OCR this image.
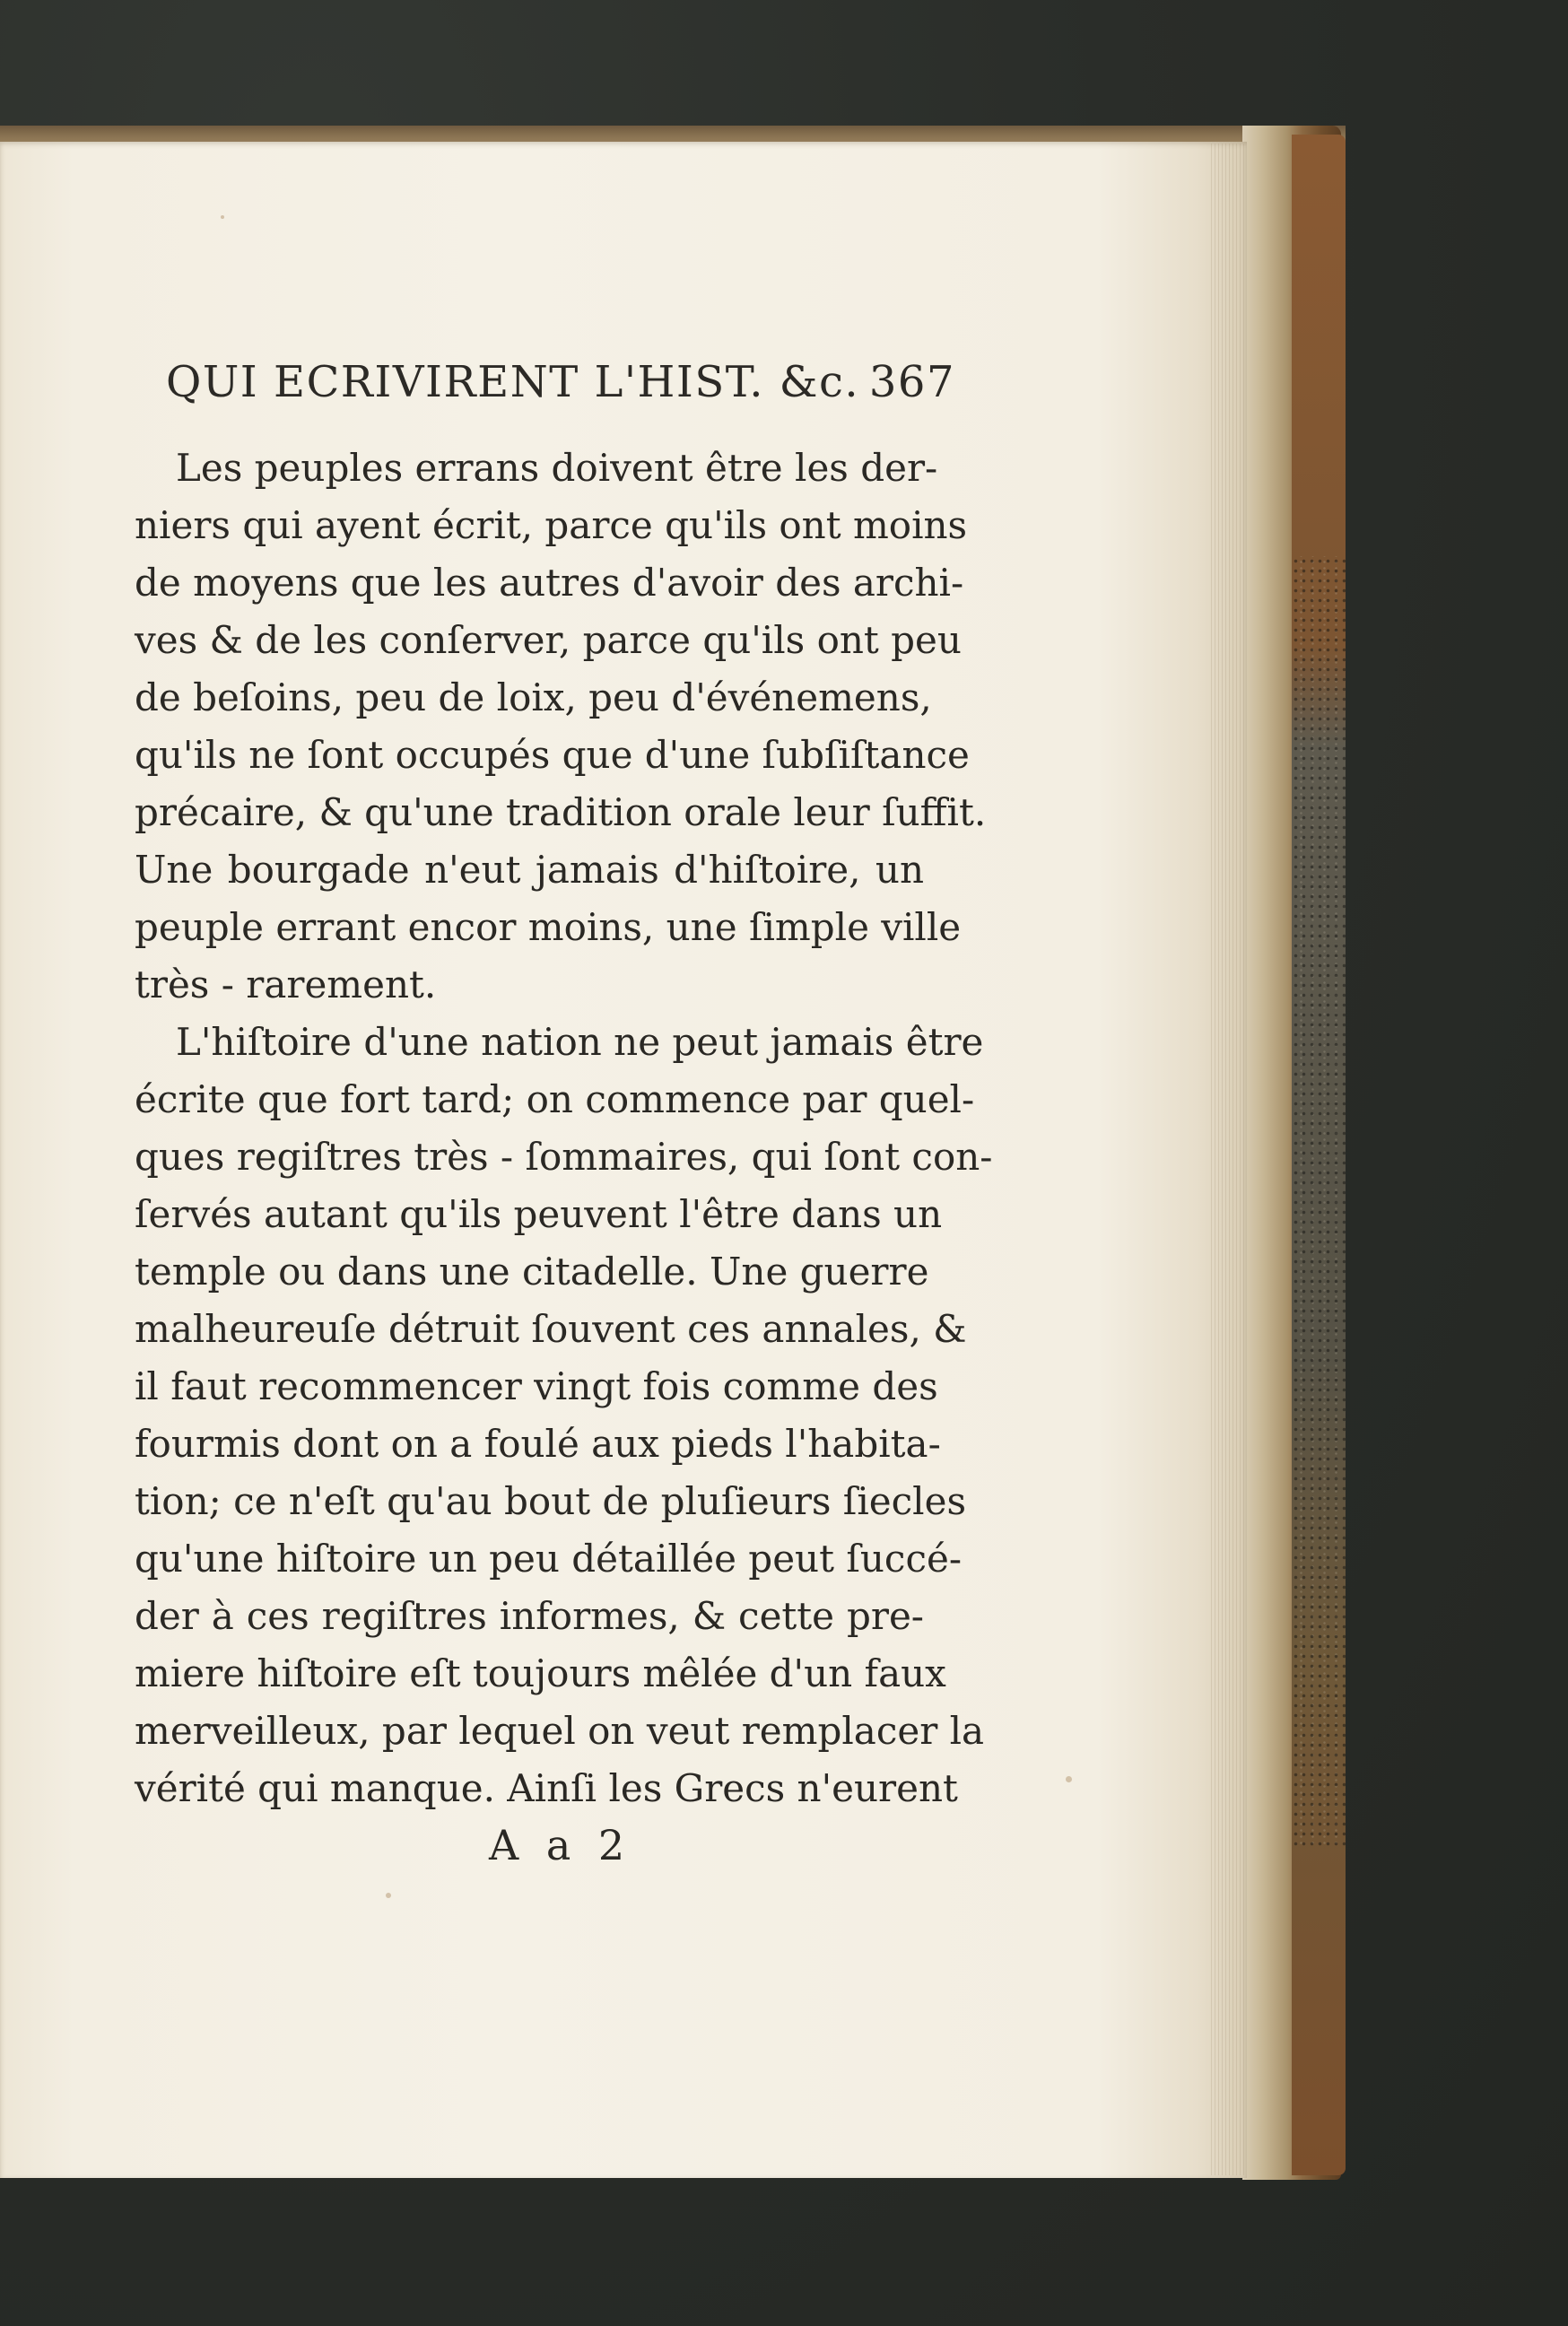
QUI ECRIVIRENT L'HIST. &c. 367
Les peuples errans doivent être les der-
niers qui ayent écrit, parce qu'ils ont moins
de moyens que les autres d'avoir des archi-
ves & de les conſerver, parce qu'ils ont peu
de beſoins, peu de loix, peu d'événemens,
qu'ils ne ſont occupés que d'une ſubſiſtance
précaire, & qu'une tradition orale leur ſuffit.
Une bourgade n'eut jamais d'hiſtoire, un
peuple errant encor moins, une ſimple ville
très - rarement.
L'hiſtoire d'une nation ne peut jamais être
écrite que fort tard; on commence par quel-
ques regiſtres très - ſommaires, qui ſont con-
ſervés autant qu'ils peuvent l'être dans un
temple ou dans une citadelle. Une guerre
malheureuſe détruit ſouvent ces annales, &
il faut recommencer vingt fois comme des
fourmis dont on a foulé aux pieds l'habita-
tion; ce n'eſt qu'au bout de pluſieurs ſiecles
qu'une hiſtoire un peu détaillée peut ſuccé-
der à ces regiſtres informes, & cette pre-
miere hiſtoire eſt toujours mêlée d'un faux
merveilleux, par lequel on veut remplacer la
vérité qui manque. Ainſi les Grecs n'eurent
A a 2
